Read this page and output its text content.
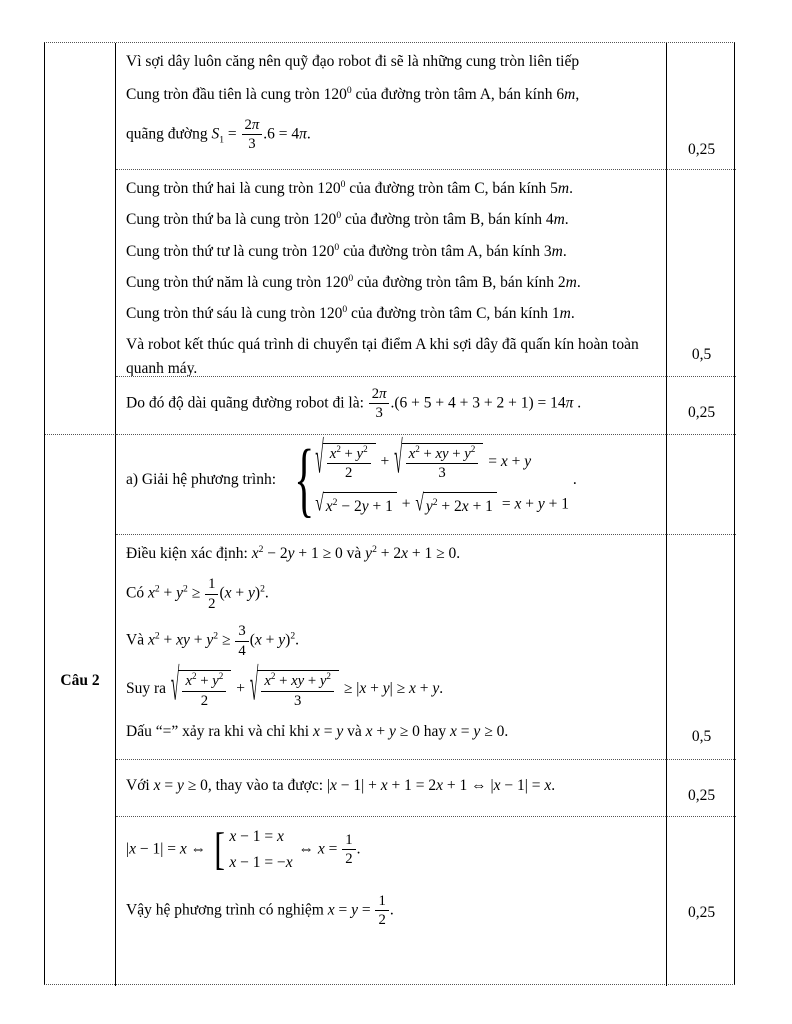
Vì sợi dây luôn căng nên quỹ đạo robot đi sẽ là những cung tròn liên tiếp
Cung tròn đầu tiên là cung tròn $120^0$ của đường tròn tâm A, bán kính 6m,
quãng đường $S_1 = \frac{2\pi}{3} .6 = 4\pi$.
0,25
Cung tròn thứ hai là cung tròn $120^0$ của đường tròn tâm C, bán kính 5m.
Cung tròn thứ ba là cung tròn $120^0$ của đường tròn tâm B, bán kính 4m.
Cung tròn thứ tư là cung tròn $120^0$ của đường tròn tâm A, bán kính 3m.
Cung tròn thứ năm là cung tròn $120^0$ của đường tròn tâm B, bán kính 2m.
Cung tròn thứ sáu là cung tròn $120^0$ của đường tròn tâm C, bán kính 1m.
Và robot kết thúc quá trình di chuyển tại điểm A khi sợi dây đã quấn kín hoàn toàn quanh máy.
0,5
Do đó độ dài quãng đường robot đi là: $\frac{2\pi}{3} .(6 + 5 + 4 + 3 + 2 + 1) = 14\pi$ .
0,25
Câu 2
a) Giải hệ phương trình: { √ $\frac{x^2 + y^2}{2}$ + √ $\frac{x^2 + xy + y^2}{3} = x + y$
√ $x^2 - 2y + 1$ + √ $y^2 + 2x + 1 = x + y + 1$
.
Điều kiện xác định: $x^2 - 2y + 1 \ge 0$ và $y^2 + 2x + 1 \ge 0$.
Có $x^2 + y^2 \ge \frac{1}{2} (x + y)^2$.
Và $x^2$ + xy + $y^2 \ge \frac{3}{4} (x + y)^2$.
Suy ra √ $\frac{x^2 + y^2}{2}$ + √ $\frac{x^2 + xy + y^2}{3} \ge |x + y| \ge x + y$.
Dấu “=” xảy ra khi và chỉ khi x = y và x + y ≥ 0 hay x = y ≥ 0.	0,5
Với x = y ≥ 0, thay vào ta được: |x − 1| + x + 1 = 2x + 1 ⇔ |x − 1| = x.
0,25
|x − 1| = x ⇔ [ x − 1 = x
x − 1 = −x
⇔ $x = \frac{1}{2}$ .
Vậy hệ phương trình có nghiệm $x = y = \frac{1}{2}$ .	0,25
